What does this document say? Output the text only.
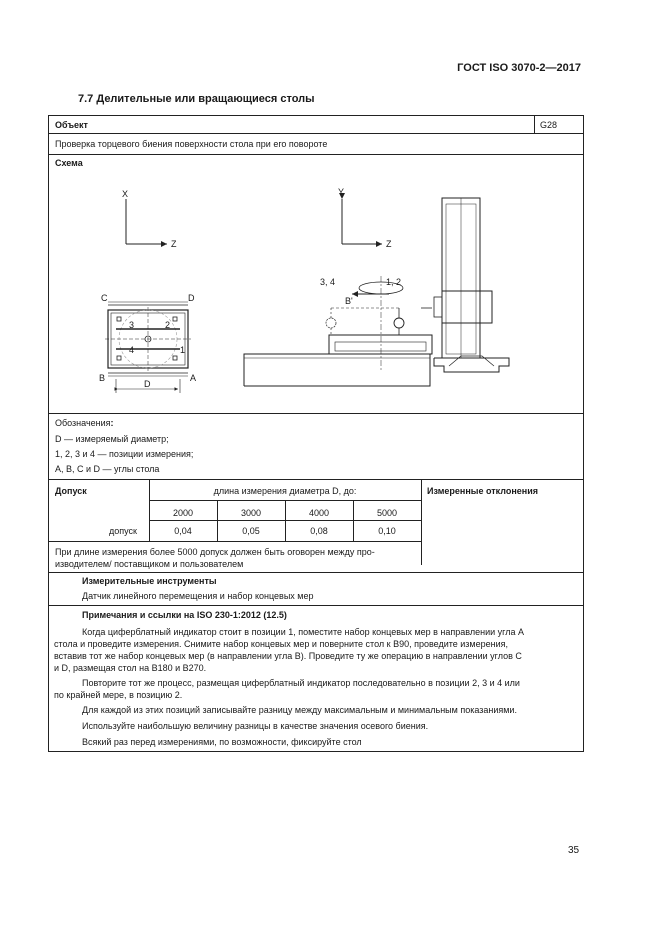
ГОСТ ISO 3070-2—2017
7.7 Делительные или вращающиеся столы
Объект	G28
Проверка торцевого биения поверхности стола при его повороте
Схема
X
Z
Y
Z
C	D
B	A
D
2
3
4	1
3, 4	1, 2
B'
Обозначения:
D — измеряемый диаметр;
1, 2, 3 и 4 — позиции измерения;
А, В, С и D — углы стола
Допуск	длина измерения диаметра D, до:	Измеренные отклонения
2000	3000	4000	5000
допуск	0,04	0,05	0,08	0,10
При длине измерения более 5000 допуск должен быть оговорен между про-
изводителем/ поставщиком и пользователем
Измерительные инструменты
Датчик линейного перемещения и набор концевых мер
Примечания и ссылки на ISO 230-1:2012 (12.5)
Когда циферблатный индикатор стоит в позиции 1, поместите набор концевых мер в направлении угла А
стола и проведите измерения. Снимите набор концевых мер и поверните стол к В90, проведите измерения,
вставив тот же набор концевых мер (в направлении угла В). Проведите ту же операцию в направлении углов С
и D, размещая стол на В180 и В270.
Повторите тот же процесс, размещая циферблатный индикатор последовательно в позиции 2, 3 и 4 или
по крайней мере, в позицию 2.
Для каждой из этих позиций записывайте разницу между максимальным и минимальным показаниями.
Используйте наибольшую величину разницы в качестве значения осевого биения.
Всякий раз перед измерениями, по возможности, фиксируйте стол
35
